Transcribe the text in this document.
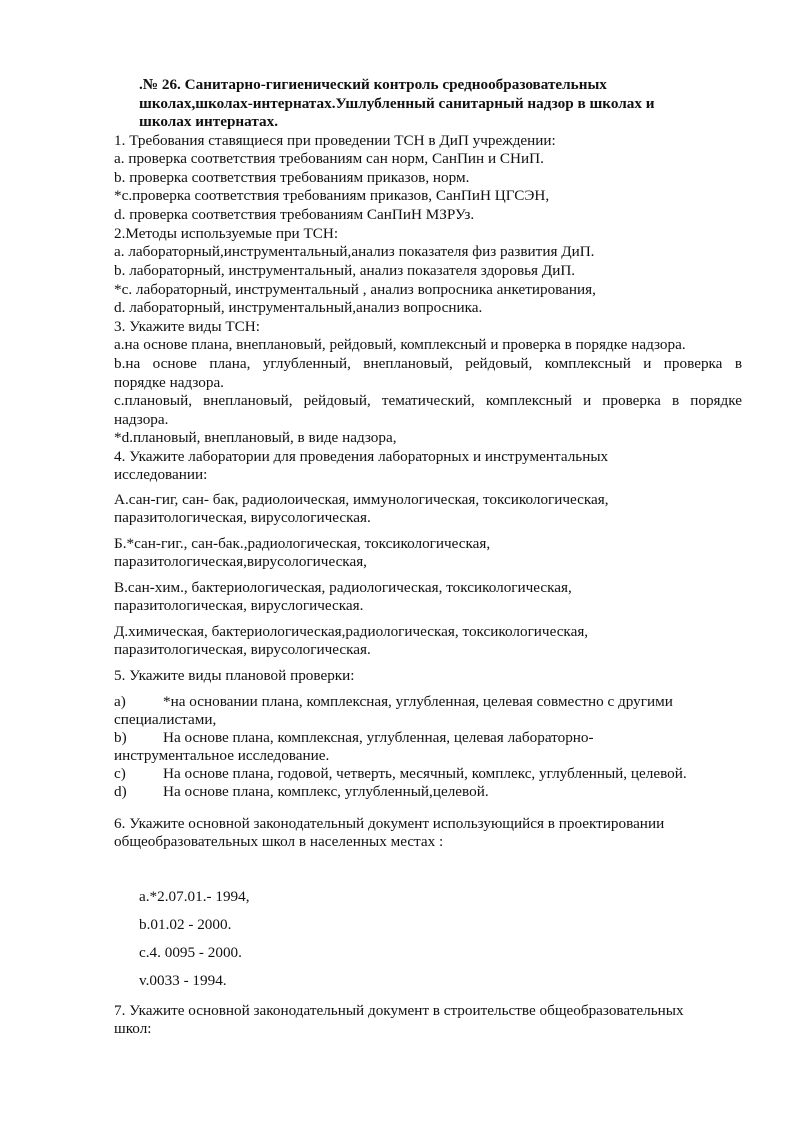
.№ 26. Санитарно-гигиенический контроль среднообразовательных
школах,школах-интернатах.Ушлубленный санитарный надзор в школах и
школах интернатах.
1. Требования ставящиеся при проведении ТСН в ДиП учреждении:
а. проверка соответствия требованиям сан норм, СанПин и СНиП.
b. проверка соответствия требованиям приказов, норм.
*c.проверка соответствия требованиям приказов, СанПиН ЦГСЭН,
d. проверка соответствия требованиям СанПиН МЗРУз.
2.Методы используемые при ТСН:
а. лабораторный,инструментальный,анализ показателя физ развития ДиП.
b. лабораторный, инструментальный, анализ показателя здоровья ДиП.
*c. лабораторный, инструментальный , анализ вопросника анкетирования,
d. лабораторный, инструментальный,анализ вопросника.
3. Укажите виды ТСН:
a.на основе плана, внеплановый, рейдовый, комплексный и проверка в порядке надзора.
b.на основе плана, углубленный, внеплановый, рейдовый, комплексный и проверка в
порядке надзора.
c.плановый, внеплановый, рейдовый, тематический, комплексный и проверка в порядке
надзора.
*d.плановый, внеплановый, в виде надзора,
4. Укажите лаборатории для проведения лабораторных и инструментальных
исследовании:
А.сан-гиг, сан- бак, радиолоическая, иммунологическая, токсикологическая,
паразитологическая, вирусологическая.
Б.*сан-гиг., сан-бак.,радиологическая, токсикологическая,
паразитологическая,вирусологическая,
В.сан-хим., бактериологическая, радиологическая, токсикологическая,
паразитологическая, вируслогическая.
Д.химическая, бактериологическая,радиологическая, токсикологическая,
паразитологическая, вирусологическая.
5. Укажите виды плановой проверки:
a) *на основании плана, комплексная, углубленная, целевая совместно с другими
специалистами,
b) На основе плана, комплексная, углубленная, целевая лабораторно-
инструментальное исследование.
c) На основе плана, годовой, четверть, месячный, комплекс, углубленный, целевой.
d) На основе плана, комплекс, углубленный,целевой.
6. Укажите основной законодательный документ использующийся в проектировании
общеобразовательных школ в населенных местах :
a.*2.07.01.- 1994,
b.01.02 - 2000.
c.4. 0095 - 2000.
v.0033 - 1994.
7. Укажите основной законодательный документ в строительстве общеобразовательных
школ:
